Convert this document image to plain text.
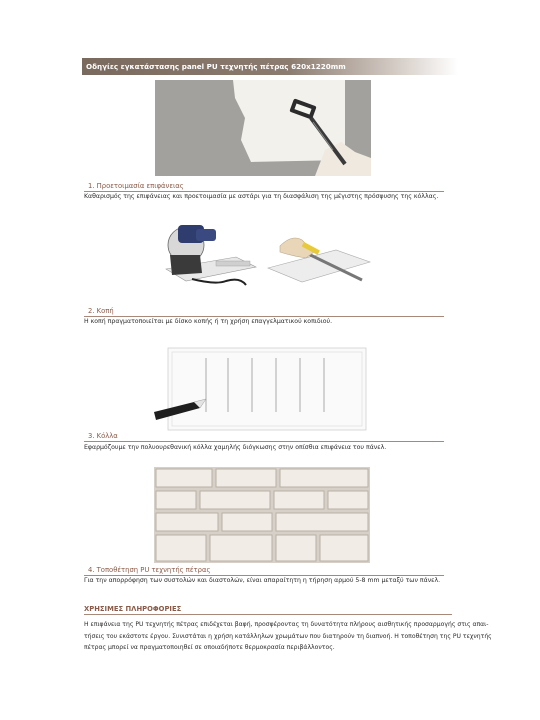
Οδηγίες εγκατάστασης panel PU τεχνητής πέτρας 620x1220mm
1. Προετοιμασία επιφάνειας
Καθαρισμός της επιφάνειας και προετοιμασία με αστάρι για τη διασφάλιση της μέγιστης πρόσφυσης της κόλλας.
2. Κοπή
Η κοπή πραγματοποιείται με δίσκο κοπής ή τη χρήση επαγγελματικού κοπιδιού.
3. Κόλλα
Εφαρμόζουμε την πολυουρεθανική κόλλα χαμηλής διόγκωσης στην οπίσθια επιφάνεια του πάνελ.
4. Τοποθέτηση PU τεχνητής πέτρας
Για την απορρόφηση των συστολών και διαστολών, είναι απαραίτητη η τήρηση αρμού 5-8 mm μεταξύ των πάνελ.
ΧΡΗΣΙΜΕΣ ΠΛΗΡΟΦΟΡΙΕΣ
Η επιφάνεια της PU τεχνητής πέτρας επιδέχεται βαφή, προσφέροντας τη δυνατότητα πλήρους αισθητικής προσαρμογής στις απαι-
τήσεις του εκάστοτε έργου. Συνιστάται η χρήση κατάλληλων χρωμάτων που διατηρούν τη διαπνοή. Η τοποθέτηση της PU τεχνητής
πέτρας μπορεί να πραγματοποιηθεί σε οποιαδήποτε θερμοκρασία περιβάλλοντος.
